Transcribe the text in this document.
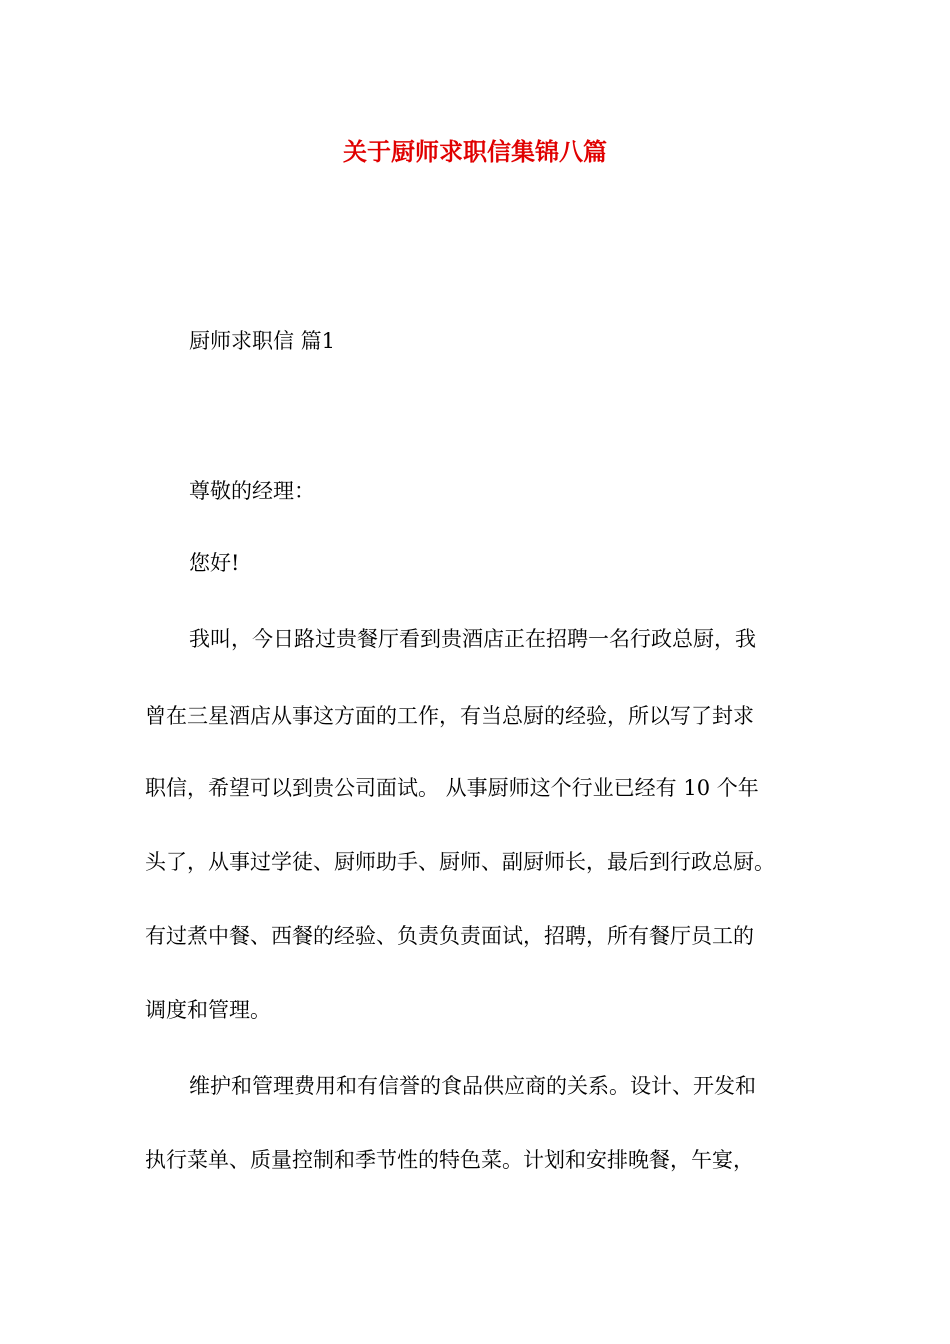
关于厨师求职信集锦八篇
厨师求职信 篇1
尊敬的经理：
您好!
我叫，今日路过贵餐厅看到贵酒店正在招聘一名行政总厨，我
曾在三星酒店从事这方面的工作，有当总厨的经验，所以写了封求
职信，希望可以到贵公司面试。 从事厨师这个行业已经有 10 个年
头了，从事过学徒、厨师助手、厨师、副厨师长，最后到行政总厨。
有过煮中餐、西餐的经验、负责负责面试，招聘，所有餐厅员工的
调度和管理。
维护和管理费用和有信誉的食品供应商的关系。设计、开发和
执行菜单、质量控制和季节性的特色菜。计划和安排晚餐，午宴，
